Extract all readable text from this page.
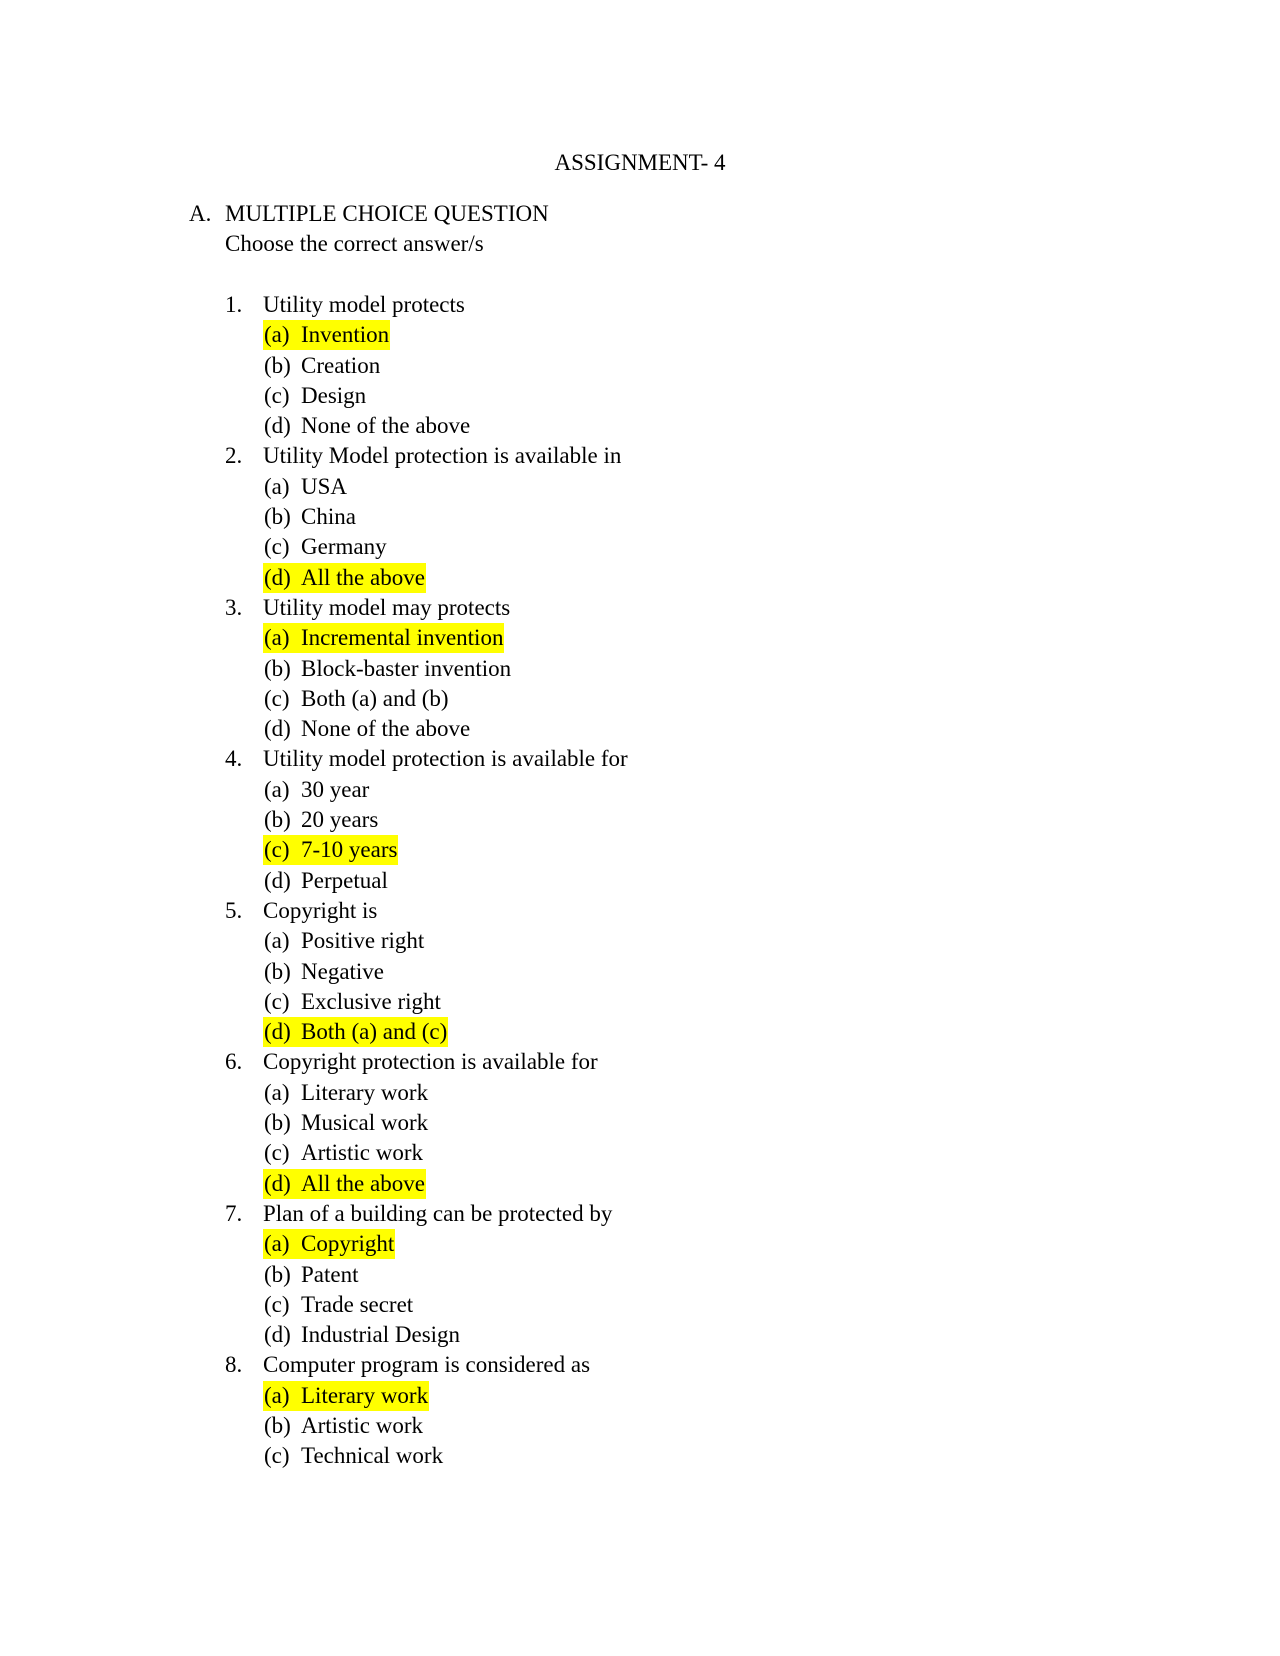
ASSIGNMENT- 4
A. MULTIPLE CHOICE QUESTION
Choose the correct answer/s
1. Utility model protects
(a) Invention
(b) Creation
(c) Design
(d) None of the above
2. Utility Model protection is available in
(a) USA
(b) China
(c) Germany
(d) All the above
3. Utility model may protects
(a) Incremental invention
(b) Block-baster invention
(c) Both (a) and (b)
(d) None of the above
4. Utility model protection is available for
(a) 30 year
(b) 20 years
(c) 7-10 years
(d) Perpetual
5. Copyright is
(a) Positive right
(b) Negative
(c) Exclusive right
(d) Both (a) and (c)
6. Copyright protection is available for
(a) Literary work
(b) Musical work
(c) Artistic work
(d) All the above
7. Plan of a building can be protected by
(a) Copyright
(b) Patent
(c) Trade secret
(d) Industrial Design
8. Computer program is considered as
(a) Literary work
(b) Artistic work
(c) Technical work
